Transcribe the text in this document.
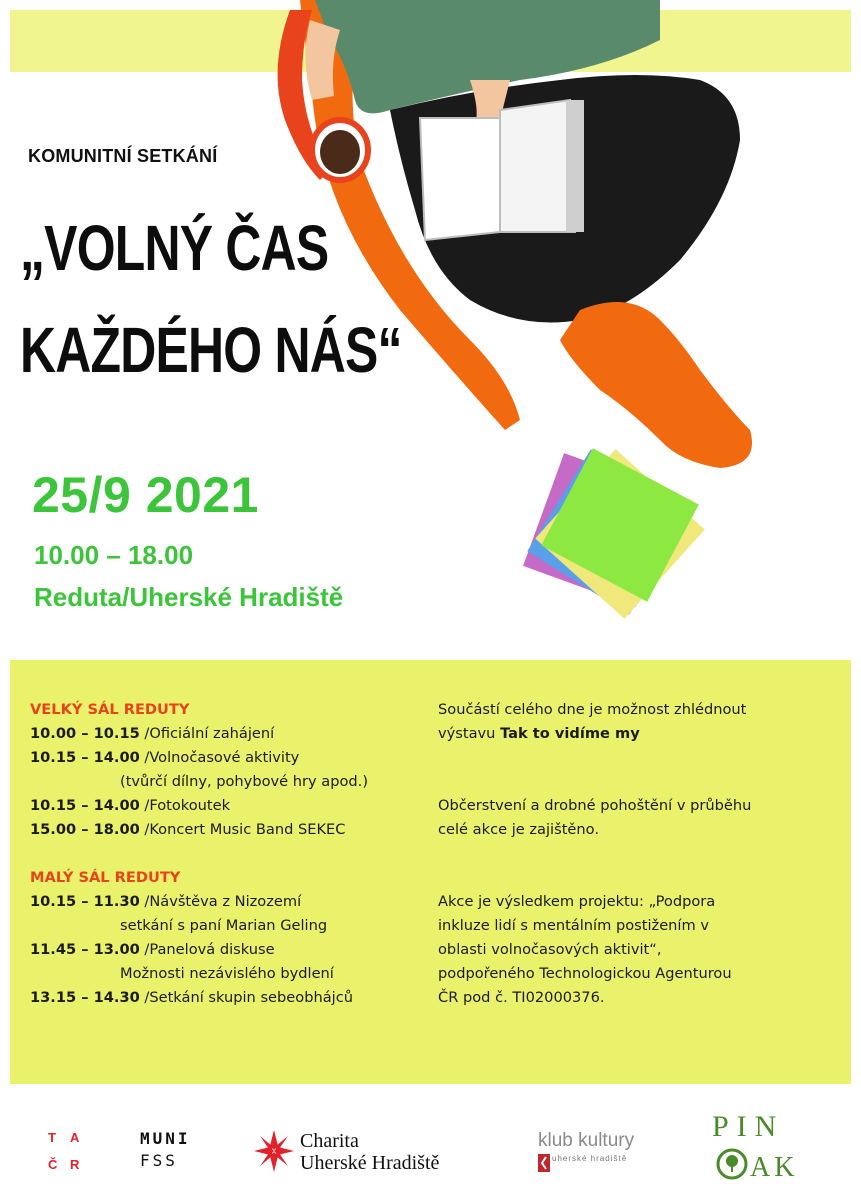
KOMUNITNÍ SETKÁNÍ
„VOLNÝ ČAS
KAŽDÉHO NÁS“
25/9 2021
10.00 – 18.00
Reduta/Uherské Hradiště
VELKÝ SÁL REDUTY
10.00 – 10.15 /Oficiální zahájení
10.15 – 14.00 /Volnočasové aktivity
(tvůrčí dílny, pohybové hry apod.)
10.15 – 14.00 /Fotokoutek
15.00 – 18.00 /Koncert Music Band SEKEC
MALÝ SÁL REDUTY
10.15 – 11.30 /Návštěva z Nizozemí
setkání s paní Marian Geling
11.45 – 13.00 /Panelová diskuse
Možnosti nezávislého bydlení
13.15 – 14.30 /Setkání skupin sebeobhájců
Součástí celého dne je možnost zhlédnout
výstavu Tak to vidíme my
Občerstvení a drobné pohoštění v průběhu
celé akce je zajištěno.
Akce je výsledkem projektu: „Podpora
inkluze lidí s mentálním postižením v
oblasti volnočasových aktivit“,
podpořeného Technologickou Agenturou
ČR pod č. TI02000376.
T A

Č R
MUNI
FSS
Charita
Uherské Hradiště
klub kultury
uherské hradiště
PIN
AK
